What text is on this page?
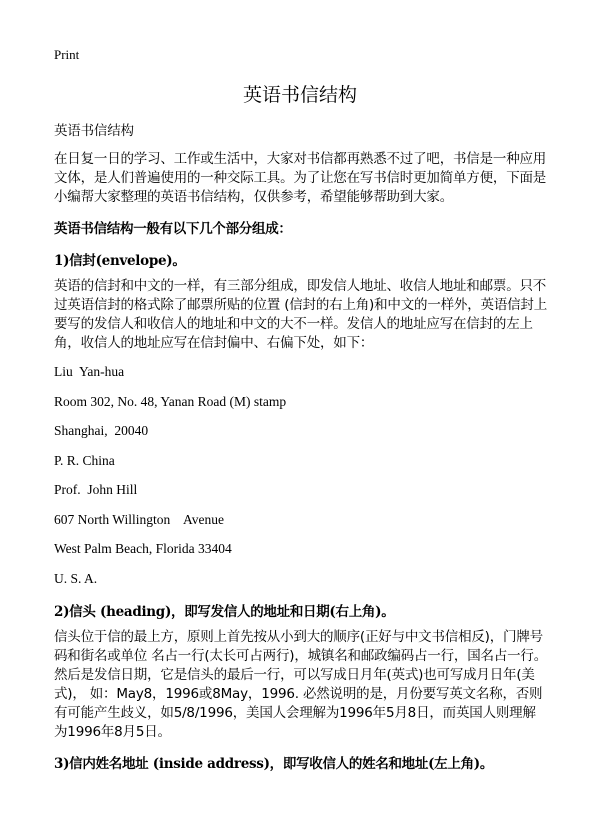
Print
英语书信结构
英语书信结构
在日复一日的学习、工作或生活中，大家对书信都再熟悉不过了吧，书信是一种应用文体，是人们普遍使用的一种交际工具。为了让您在写书信时更加简单方便，下面是小编帮大家整理的英语书信结构，仅供参考，希望能够帮助到大家。
英语书信结构一般有以下几个部分组成：
1)信封(envelope)。
英语的信封和中文的一样，有三部分组成，即发信人地址、收信人地址和邮票。只不过英语信封的格式除了邮票所贴的位置 (信封的右上角)和中文的一样外，英语信封上要写的发信人和收信人的地址和中文的大不一样。发信人的地址应写在信封的左上角，收信人的地址应写在信封偏中、右偏下处，如下：
Liu  Yan-hua
Room 302, No. 48, Yanan Road (M) stamp
Shanghai,  20040
P. R. China
Prof.  John Hill
607 North Willington    Avenue
West Palm Beach, Florida 33404
U. S. A.
2)信头 (heading)，即写发信人的地址和日期(右上角)。
信头位于信的最上方，原则上首先按从小到大的顺序(正好与中文书信相反)，门牌号码和街名或单位 名占一行(太长可占两行)，城镇名和邮政编码占一行，国名占一行。然后是发信日期，它是信头的最后一行，可以写成日月年(英式)也可写成月日年(美式)， 如：May8，1996或8May，1996. 必然说明的是，月份要写英文名称，否则有可能产生歧义，如5/8/1996，美国人会理解为1996年5月8日，而英国人则理解为1996年8月5日。
3)信内姓名地址 (inside address)，即写收信人的姓名和地址(左上角)。
